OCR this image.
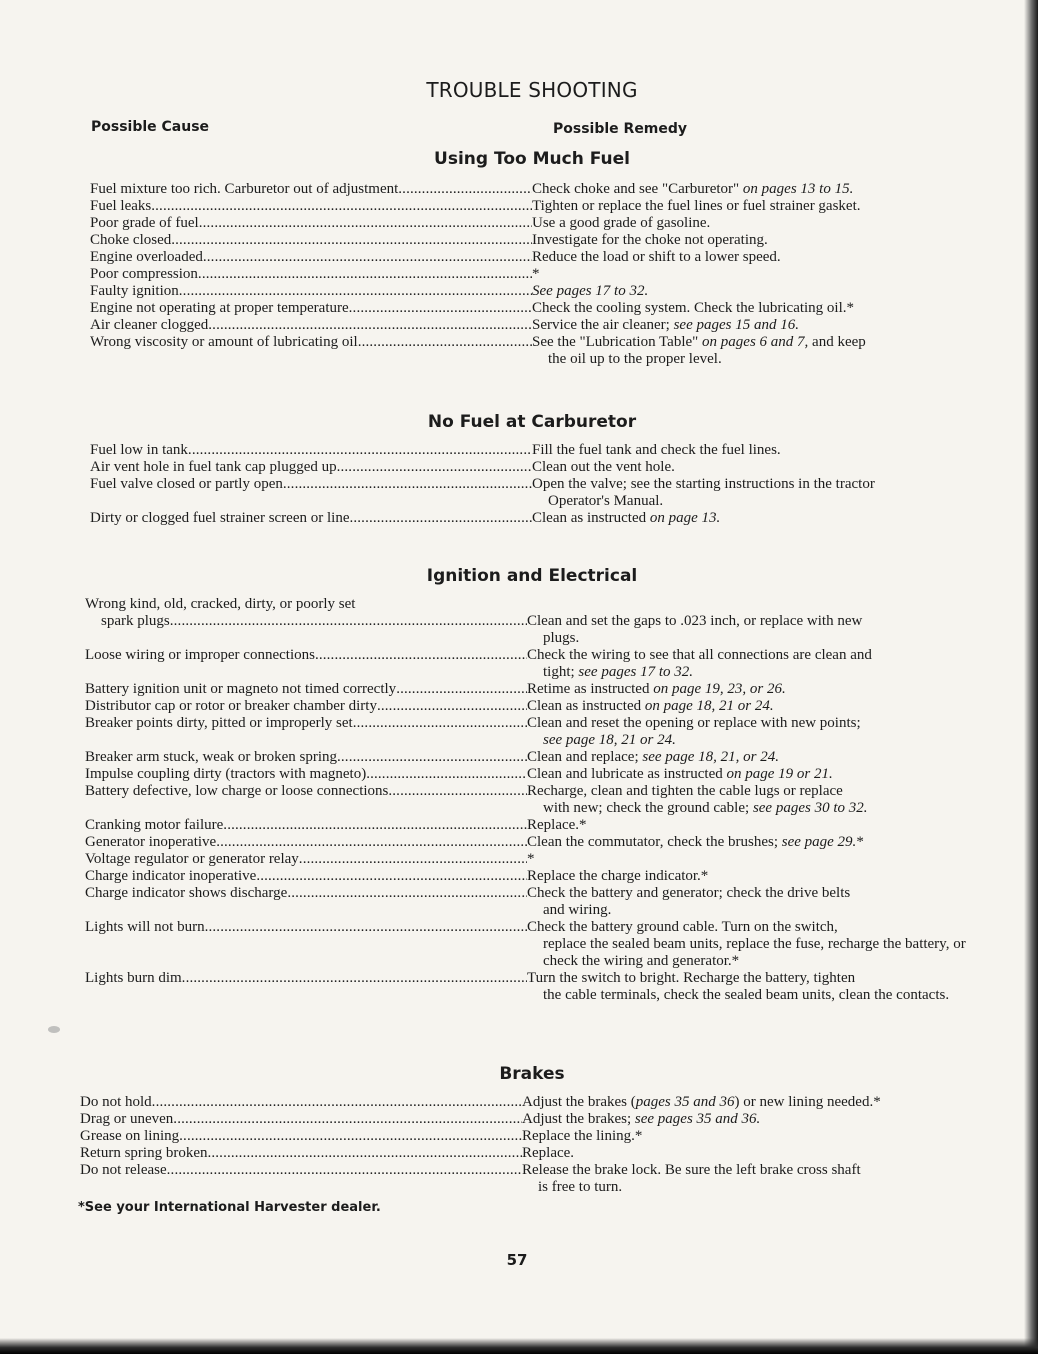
TROUBLE SHOOTING
Possible Cause	Possible Remedy
Using Too Much Fuel
Fuel mixture too rich. Carburetor out of adjustment . . .	Check choke and see "Carburetor" on pages 13 to 15.
Fuel leaks . . .	Tighten or replace the fuel lines or fuel strainer gasket.
Poor grade of fuel . . .	Use a good grade of gasoline.
Choke closed . . .	Investigate for the choke not operating.
Engine overloaded . . .	Reduce the load or shift to a lower speed.
Poor compression . . .	*
Faulty ignition . . .	See pages 17 to 32.
Engine not operating at proper temperature . . .	Check the cooling system. Check the lubricating oil.*
Air cleaner clogged . . .	Service the air cleaner; see pages 15 and 16.
Wrong viscosity or amount of lubricating oil . . .	See the "Lubrication Table" on pages 6 and 7, and keep
the oil up to the proper level.
No Fuel at Carburetor
Fuel low in tank . . .	Fill the fuel tank and check the fuel lines.
Air vent hole in fuel tank cap plugged up . . .	Clean out the vent hole.
Fuel valve closed or partly open . . .	Open the valve; see the starting instructions in the tractor
Operator's Manual.
Dirty or clogged fuel strainer screen or line . . .	Clean as instructed on page 13.
Ignition and Electrical
Wrong kind, old, cracked, dirty, or poorly set
spark plugs . . .	Clean and set the gaps to .023 inch, or replace with new
plugs.
Loose wiring or improper connections . . .	Check the wiring to see that all connections are clean and
tight; see pages 17 to 32.
Battery ignition unit or magneto not timed correctly . . .	Retime as instructed on page 19, 23, or 26.
Distributor cap or rotor or breaker chamber dirty . . .	Clean as instructed on page 18, 21 or 24.
Breaker points dirty, pitted or improperly set . . .	Clean and reset the opening or replace with new points;
see page 18, 21 or 24.
Breaker arm stuck, weak or broken spring . . .	Clean and replace; see page 18, 21, or 24.
Impulse coupling dirty (tractors with magneto) . . .	Clean and lubricate as instructed on page 19 or 21.
Battery defective, low charge or loose connections . . .	Recharge, clean and tighten the cable lugs or replace
with new; check the ground cable; see pages 30 to 32.
Cranking motor failure . . .	Replace.*
Generator inoperative . . .	Clean the commutator, check the brushes; see page 29.*
Voltage regulator or generator relay . . .	*
Charge indicator inoperative . . .	Replace the charge indicator.*
Charge indicator shows discharge . . .	Check the battery and generator; check the drive belts
and wiring.
Lights will not burn . . .	Check the battery ground cable. Turn on the switch,
replace the sealed beam units, replace the fuse, recharge the battery, or check the wiring and generator.*
Lights burn dim . . .	Turn the switch to bright. Recharge the battery, tighten
the cable terminals, check the sealed beam units, clean the contacts.
Brakes
Do not hold . . .	Adjust the brakes (pages 35 and 36) or new lining needed.*
Drag or uneven . . .	Adjust the brakes; see pages 35 and 36.
Grease on lining . . .	Replace the lining.*
Return spring broken . . .	Replace.
Do not release . . .	Release the brake lock. Be sure the left brake cross shaft
is free to turn.
*See your International Harvester dealer.
57
